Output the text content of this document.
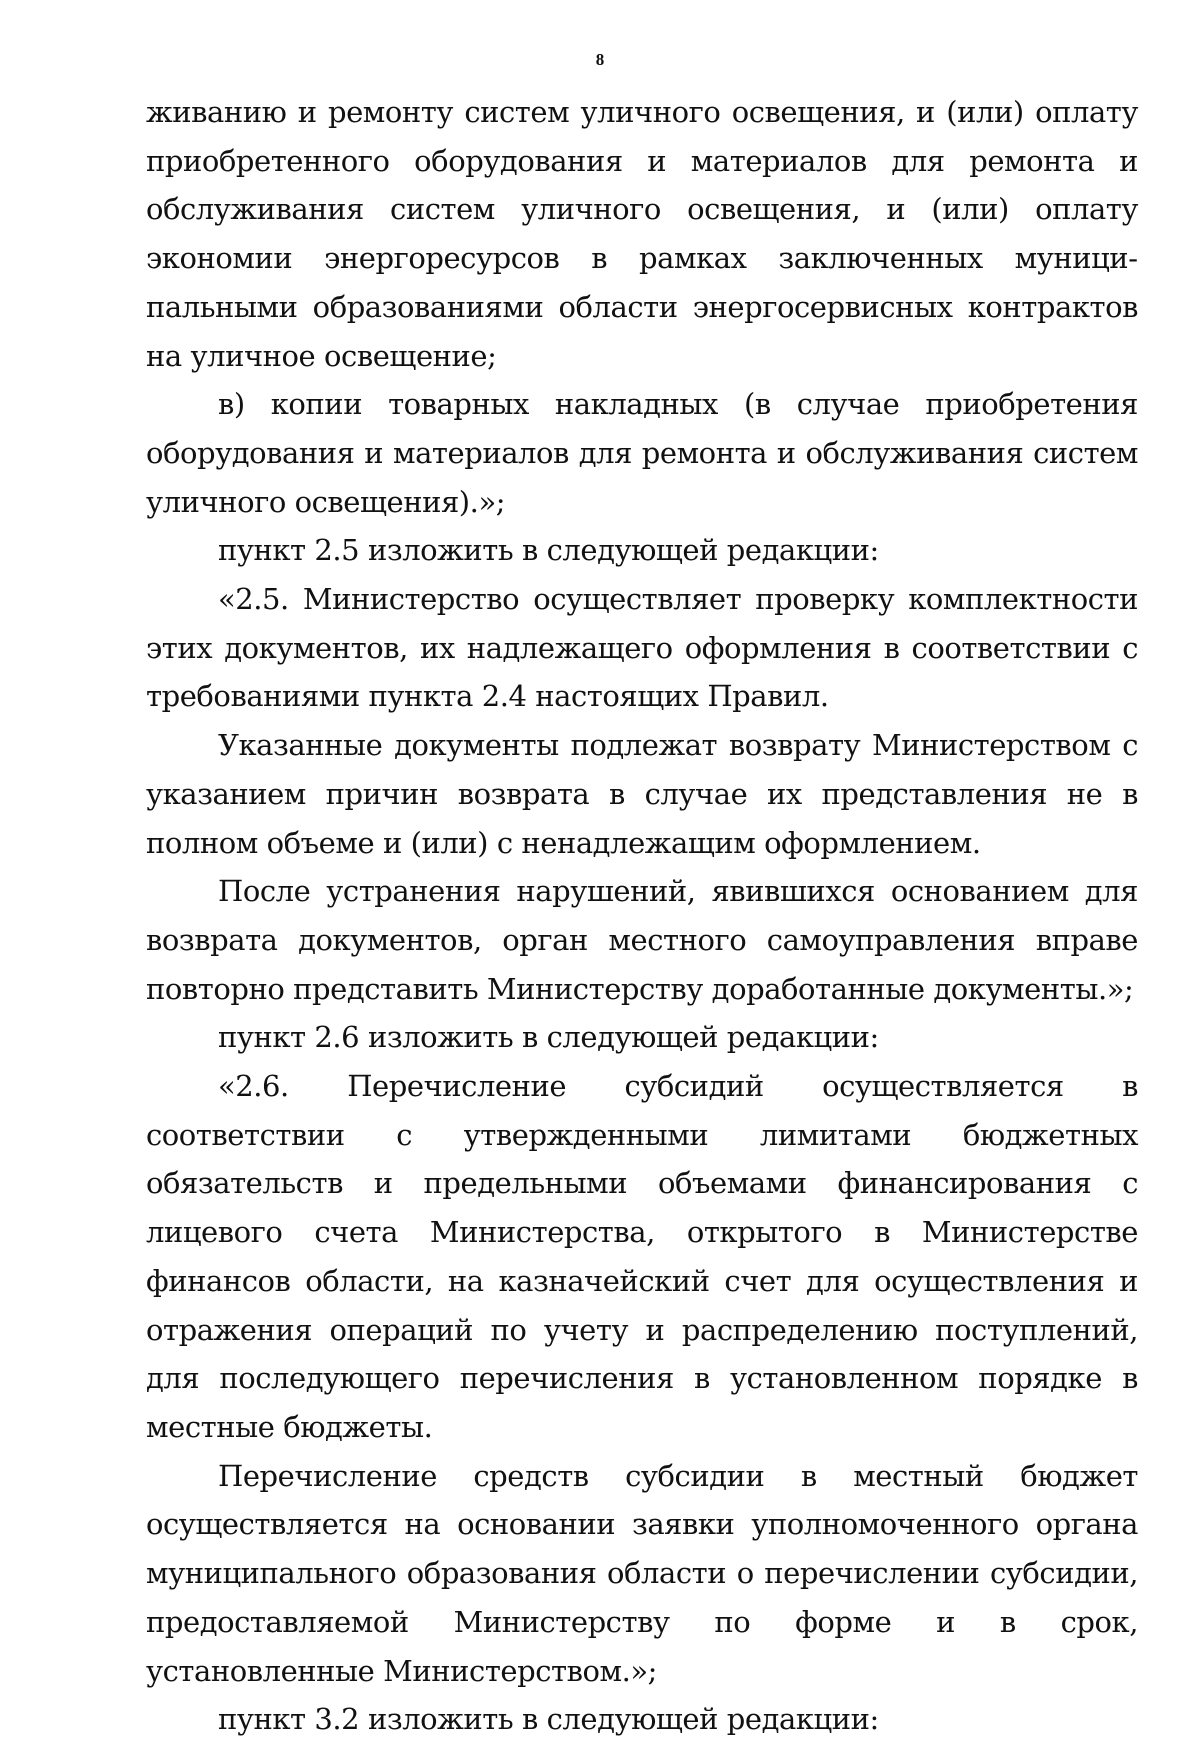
8

живанию и ремонту систем уличного освещения, и (или) оплату приобретенного оборудования и материалов для ремонта и обслуживания систем уличного освещения, и (или) оплату экономии энергоресурсов в рамках заключенных муниципальными образованиями области энергосервисных контрактов на уличное освещение;

в) копии товарных накладных (в случае приобретения оборудования и материалов для ремонта и обслуживания систем уличного освещения).»;

пункт 2.5 изложить в следующей редакции:

«2.5. Министерство осуществляет проверку комплектности этих документов, их надлежащего оформления в соответствии с требованиями пункта 2.4 настоящих Правил.

Указанные документы подлежат возврату Министерством с указанием причин возврата в случае их представления не в полном объеме и (или) с ненадлежащим оформлением.

После устранения нарушений, явившихся основанием для возврата документов, орган местного самоуправления вправе повторно представить Министерству доработанные документы.»;

пункт 2.6 изложить в следующей редакции:

«2.6. Перечисление субсидий осуществляется в соответствии с утвержденными лимитами бюджетных обязательств и предельными объемами финансирования с лицевого счета Министерства, открытого в Министерстве финансов области, на казначейский счет для осуществления и отражения операций по учету и распределению поступлений, для последующего перечисления в установленном порядке в местные бюджеты.

Перечисление средств субсидии в местный бюджет осуществляется на основании заявки уполномоченного органа муниципального образования области о перечислении субсидии, предоставляемой Министерству по форме и в срок, установленные Министерством.»;

пункт 3.2 изложить в следующей редакции:
